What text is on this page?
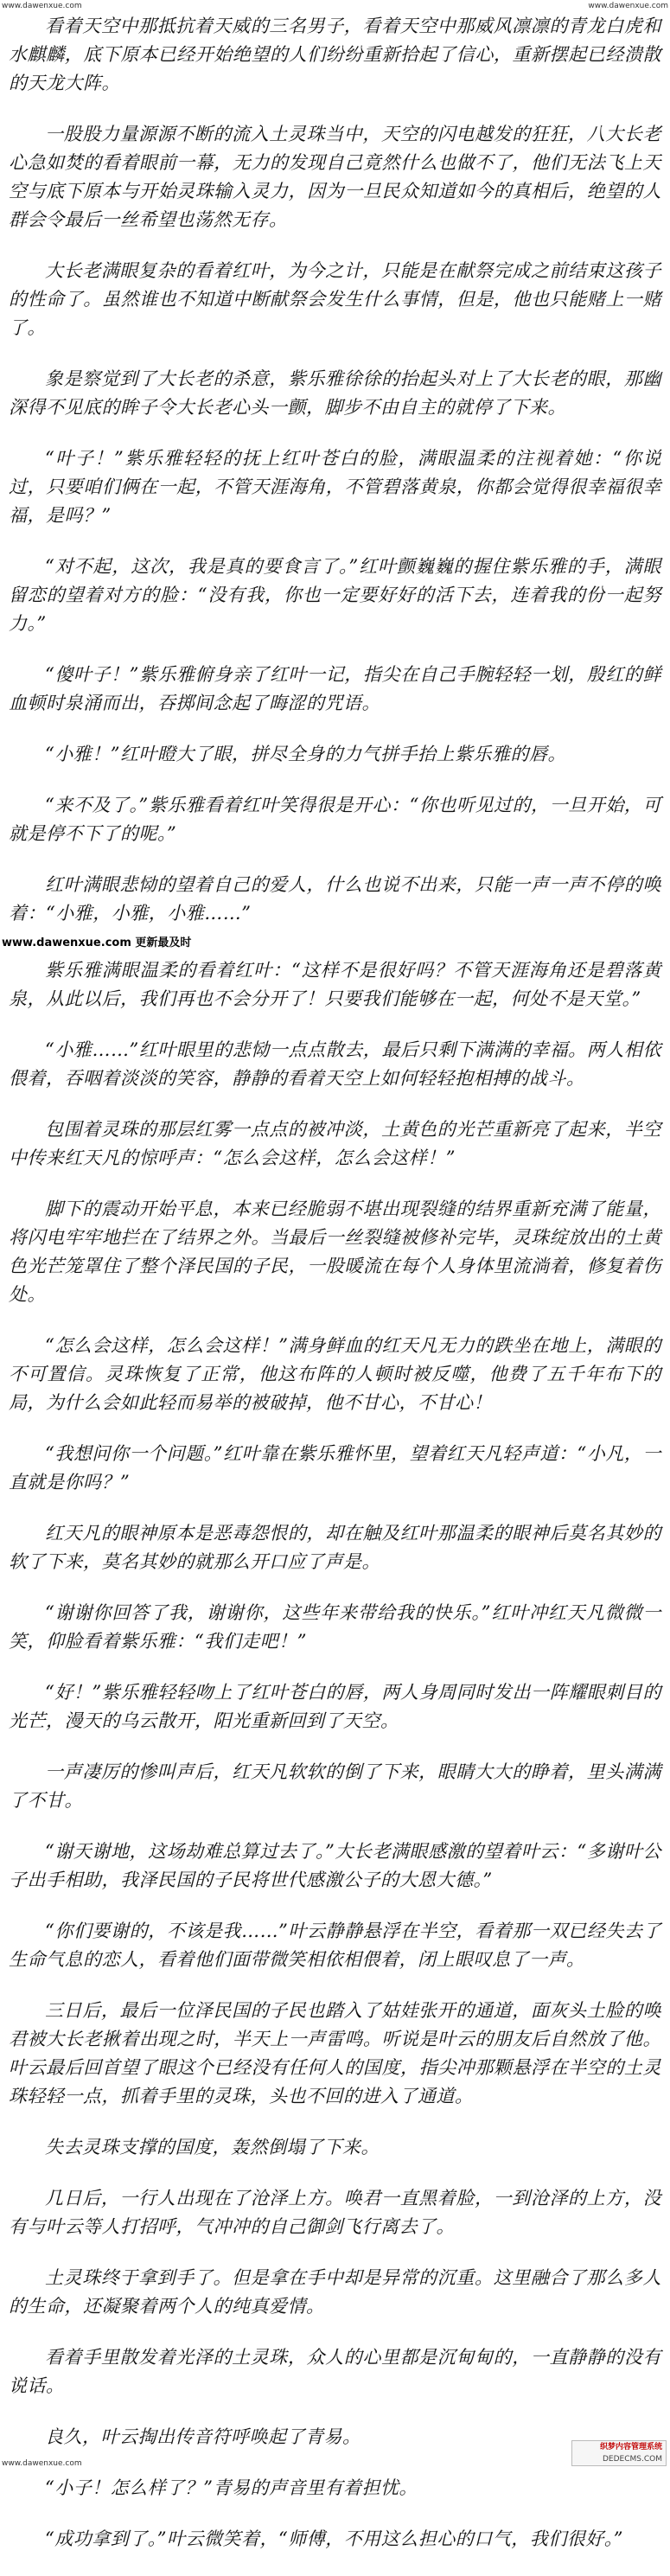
www.dawenxue.com	www.dawenxue.com

看着天空中那抵抗着天威的三名男子，看着天空中那威风凛凛的青龙白虎和水麒麟，底下原本已经开始绝望的人们纷纷重新拾起了信心，重新摆起已经溃散的天龙大阵。

一股股力量源源不断的流入土灵珠当中，天空的闪电越发的狂狂，八大长老心急如焚的看着眼前一幕，无力的发现自己竟然什么也做不了，他们无法飞上天空与底下原本与开始灵珠输入灵力，因为一旦民众知道如今的真相后，绝望的人群会令最后一丝希望也荡然无存。

大长老满眼复杂的看着红叶，为今之计，只能是在献祭完成之前结束这孩子的性命了。虽然谁也不知道中断献祭会发生什么事情，但是，他也只能赌上一赌了。

象是察觉到了大长老的杀意，紫乐雅徐徐的抬起头对上了大长老的眼，那幽深得不见底的眸子令大长老心头一颤，脚步不由自主的就停了下来。

“叶子！”紫乐雅轻轻的抚上红叶苍白的脸，满眼温柔的注视着她：“你说过，只要咱们俩在一起，不管天涯海角，不管碧落黄泉，你都会觉得很幸福很幸福，是吗？”

“对不起，这次，我是真的要食言了。”红叶颤巍巍的握住紫乐雅的手，满眼留恋的望着对方的脸：“没有我，你也一定要好好的活下去，连着我的份一起努力。”

“傻叶子！”紫乐雅俯身亲了红叶一记，指尖在自己手腕轻轻一划，殷红的鲜血顿时泉涌而出，吞掷间念起了晦涩的咒语。

“小雅！”红叶瞪大了眼，拼尽全身的力气拼手抬上紫乐雅的唇。

“来不及了。”紫乐雅看着红叶笑得很是开心：“你也听见过的，一旦开始，可就是停不下了的呢。”

红叶满眼悲恸的望着自己的爱人，什么也说不出来，只能一声一声不停的唤着：“小雅，小雅，小雅……”

www.dawenxue.com 更新最及时

紫乐雅满眼温柔的看着红叶：“这样不是很好吗？不管天涯海角还是碧落黄泉，从此以后，我们再也不会分开了！只要我们能够在一起，何处不是天堂。”

“小雅……”红叶眼里的悲恸一点点散去，最后只剩下满满的幸福。两人相依偎着，吞咽着淡淡的笑容，静静的看着天空上如何轻轻抱相搏的战斗。

包围着灵珠的那层红雾一点点的被冲淡，土黄色的光芒重新亮了起来，半空中传来红天凡的惊呼声：“怎么会这样，怎么会这样！”

脚下的震动开始平息，本来已经脆弱不堪出现裂缝的结界重新充满了能量，将闪电牢牢地拦在了结界之外。当最后一丝裂缝被修补完毕，灵珠绽放出的土黄色光芒笼罩住了整个泽民国的子民，一股暖流在每个人身体里流淌着，修复着伤处。

“怎么会这样，怎么会这样！”满身鲜血的红天凡无力的跌坐在地上，满眼的不可置信。灵珠恢复了正常，他这布阵的人顿时被反噬，他费了五千年布下的局，为什么会如此轻而易举的被破掉，他不甘心，不甘心！

“我想问你一个问题。”红叶靠在紫乐雅怀里，望着红天凡轻声道：“小凡，一直就是你吗？”

红天凡的眼神原本是恶毒怨恨的，却在触及红叶那温柔的眼神后莫名其妙的软了下来，莫名其妙的就那么开口应了声是。

“谢谢你回答了我，谢谢你，这些年来带给我的快乐。”红叶冲红天凡微微一笑，仰脸看着紫乐雅：“我们走吧！”

“好！”紫乐雅轻轻吻上了红叶苍白的唇，两人身周同时发出一阵耀眼刺目的光芒，漫天的乌云散开，阳光重新回到了天空。

一声凄厉的惨叫声后，红天凡软软的倒了下来，眼睛大大的睁着，里头满满了不甘。

“谢天谢地，这场劫难总算过去了。”大长老满眼感激的望着叶云：“多谢叶公子出手相助，我泽民国的子民将世代感激公子的大恩大德。”

“你们要谢的，不该是我……”叶云静静悬浮在半空，看着那一双已经失去了生命气息的恋人，看着他们面带微笑相依相偎着，闭上眼叹息了一声。

三日后，最后一位泽民国的子民也踏入了姑娃张开的通道，面灰头土脸的唤君被大长老揪着出现之时，半天上一声雷鸣。听说是叶云的朋友后自然放了他。叶云最后回首望了眼这个已经没有任何人的国度，指尖冲那颗悬浮在半空的土灵珠轻轻一点，抓着手里的灵珠，头也不回的进入了通道。

失去灵珠支撑的国度，轰然倒塌了下来。

几日后，一行人出现在了沧泽上方。唤君一直黑着脸，一到沧泽的上方，没有与叶云等人打招呼，气冲冲的自己御剑飞行离去了。

土灵珠终于拿到手了。但是拿在手中却是异常的沉重。这里融合了那么多人的生命，还凝聚着两个人的纯真爱情。

看着手里散发着光泽的土灵珠，众人的心里都是沉甸甸的，一直静静的没有说话。

良久，叶云掏出传音符呼唤起了青易。

“小子！怎么样了？”青易的声音里有着担忧。

“成功拿到了。”叶云微笑着，“师傅，不用这么担心的口气，我们很好。”

www.dawenxue.com
织梦内容管理系统
DEDECMS.COM
